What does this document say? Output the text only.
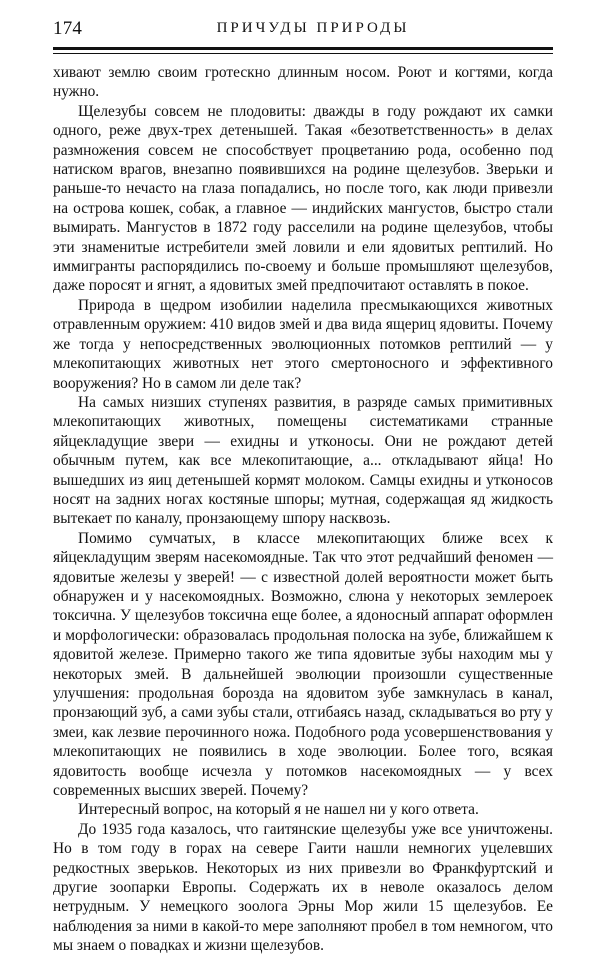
174	ПРИЧУДЫ ПРИРОДЫ

хивают землю своим гротескно длинным носом. Роют и когтями, когда нужно.

Щелезубы совсем не плодовиты: дважды в году рождают их самки одного, реже двух-трех детенышей. Такая «безответственность» в делах размножения совсем не способствует процветанию рода, особенно под натиском врагов, внезапно появившихся на родине щелезубов. Зверьки и раньше-то нечасто на глаза попадались, но после того, как люди привезли на острова кошек, собак, а главное — индийских мангустов, быстро стали вымирать. Мангустов в 1872 году расселили на родине щелезубов, чтобы эти знаменитые истребители змей ловили и ели ядовитых рептилий. Но иммигранты распорядились по-своему и больше промышляют щелезубов, даже поросят и ягнят, а ядовитых змей предпочитают оставлять в покое.

Природа в щедром изобилии наделила пресмыкающихся животных отравленным оружием: 410 видов змей и два вида ящериц ядовиты. Почему же тогда у непосредственных эволюционных потомков рептилий — у млекопитающих животных нет этого смертоносного и эффективного вооружения? Но в самом ли деле так?

На самых низших ступенях развития, в разряде самых примитивных млекопитающих животных, помещены систематиками странные яйцекладущие звери — ехидны и утконосы. Они не рождают детей обычным путем, как все млекопитающие, а... откладывают яйца! Но вышедших из яиц детенышей кормят молоком. Самцы ехидны и утконосов носят на задних ногах костяные шпоры; мутная, содержащая яд жидкость вытекает по каналу, пронзающему шпору насквозь.

Помимо сумчатых, в классе млекопитающих ближе всех к яйцекладущим зверям насекомоядные. Так что этот редчайший феномен — ядовитые железы у зверей! — с известной долей вероятности может быть обнаружен и у насекомоядных. Возможно, слюна у некоторых землероек токсична. У щелезубов токсична еще более, а ядоносный аппарат оформлен и морфологически: образовалась продольная полоска на зубе, ближайшем к ядовитой железе. Примерно такого же типа ядовитые зубы находим мы у некоторых змей. В дальнейшей эволюции произошли существенные улучшения: продольная борозда на ядовитом зубе замкнулась в канал, пронзающий зуб, а сами зубы стали, отгибаясь назад, складываться во рту у змеи, как лезвие перочинного ножа. Подобного рода усовершенствования у млекопитающих не появились в ходе эволюции. Более того, всякая ядовитость вообще исчезла у потомков насекомоядных — у всех современных высших зверей. Почему?

Интересный вопрос, на который я не нашел ни у кого ответа.

До 1935 года казалось, что гаитянские щелезубы уже все уничтожены. Но в том году в горах на севере Гаити нашли немногих уцелевших редкостных зверьков. Некоторых из них привезли во Франкфуртский и другие зоопарки Европы. Содержать их в неволе оказалось делом нетрудным. У немецкого зоолога Эрны Мор жили 15 щелезубов. Ее наблюдения за ними в какой-то мере заполняют пробел в том немногом, что мы знаем о повадках и жизни щелезубов.
